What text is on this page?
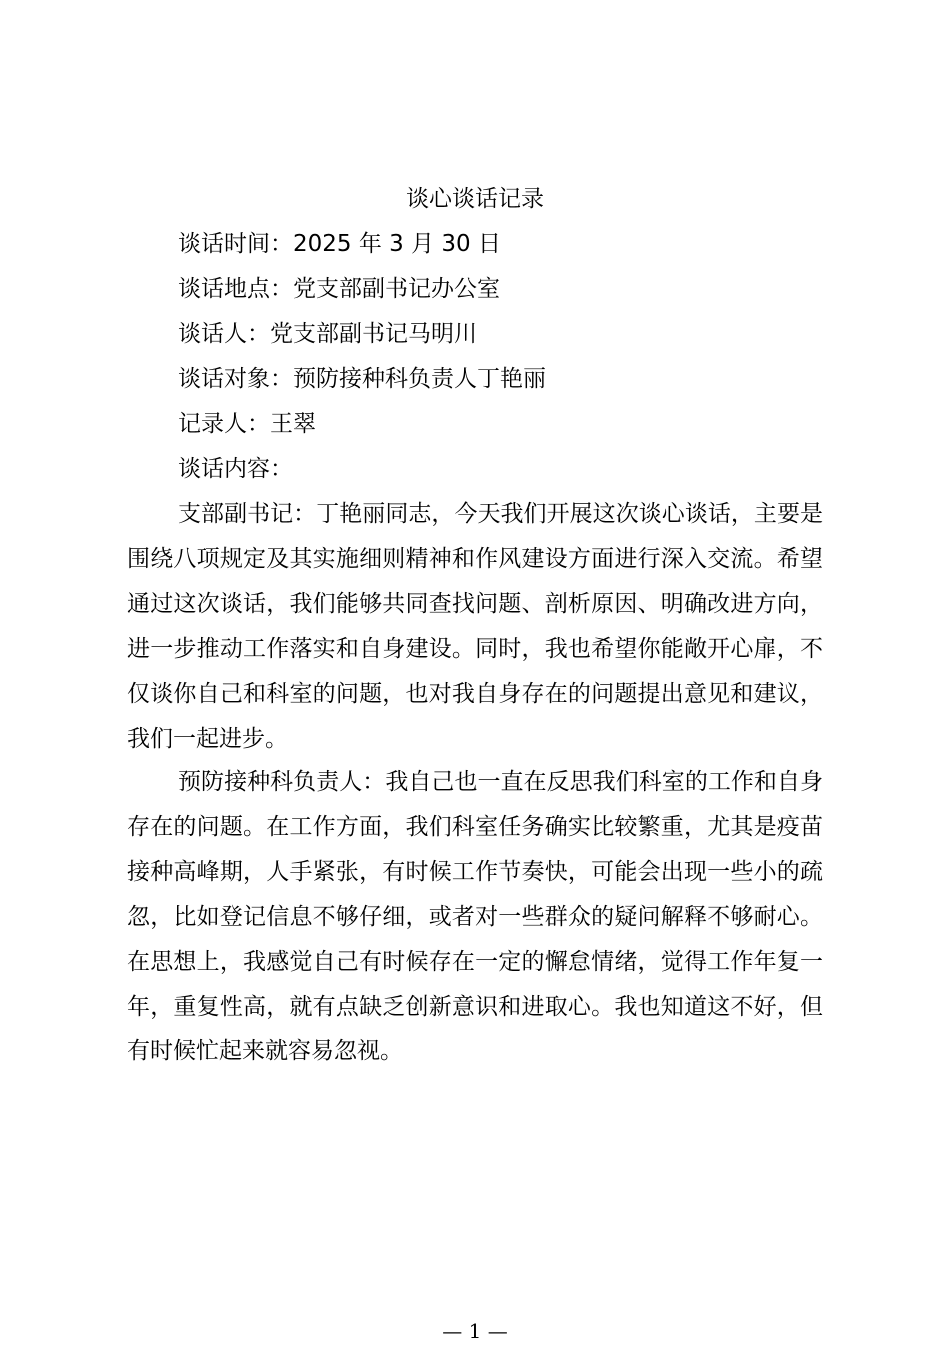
谈心谈话记录
谈话时间：2025 年 3 月 30 日
谈话地点：党支部副书记办公室
谈话人：党支部副书记马明川
谈话对象：预防接种科负责人丁艳丽
记录人：王翠
谈话内容：

支部副书记：丁艳丽同志，今天我们开展这次谈心谈话，主要是围绕八项规定及其实施细则精神和作风建设方面进行深入交流。希望通过这次谈话，我们能够共同查找问题、剖析原因、明确改进方向，进一步推动工作落实和自身建设。同时，我也希望你能敞开心扉，不仅谈你自己和科室的问题，也对我自身存在的问题提出意见和建议，我们一起进步。

预防接种科负责人：我自己也一直在反思我们科室的工作和自身存在的问题。在工作方面，我们科室任务确实比较繁重，尤其是疫苗接种高峰期，人手紧张，有时候工作节奏快，可能会出现一些小的疏忽，比如登记信息不够仔细，或者对一些群众的疑问解释不够耐心。在思想上，我感觉自己有时候存在一定的懈怠情绪，觉得工作年复一年，重复性高，就有点缺乏创新意识和进取心。我也知道这不好，但有时候忙起来就容易忽视。

— 1 —
